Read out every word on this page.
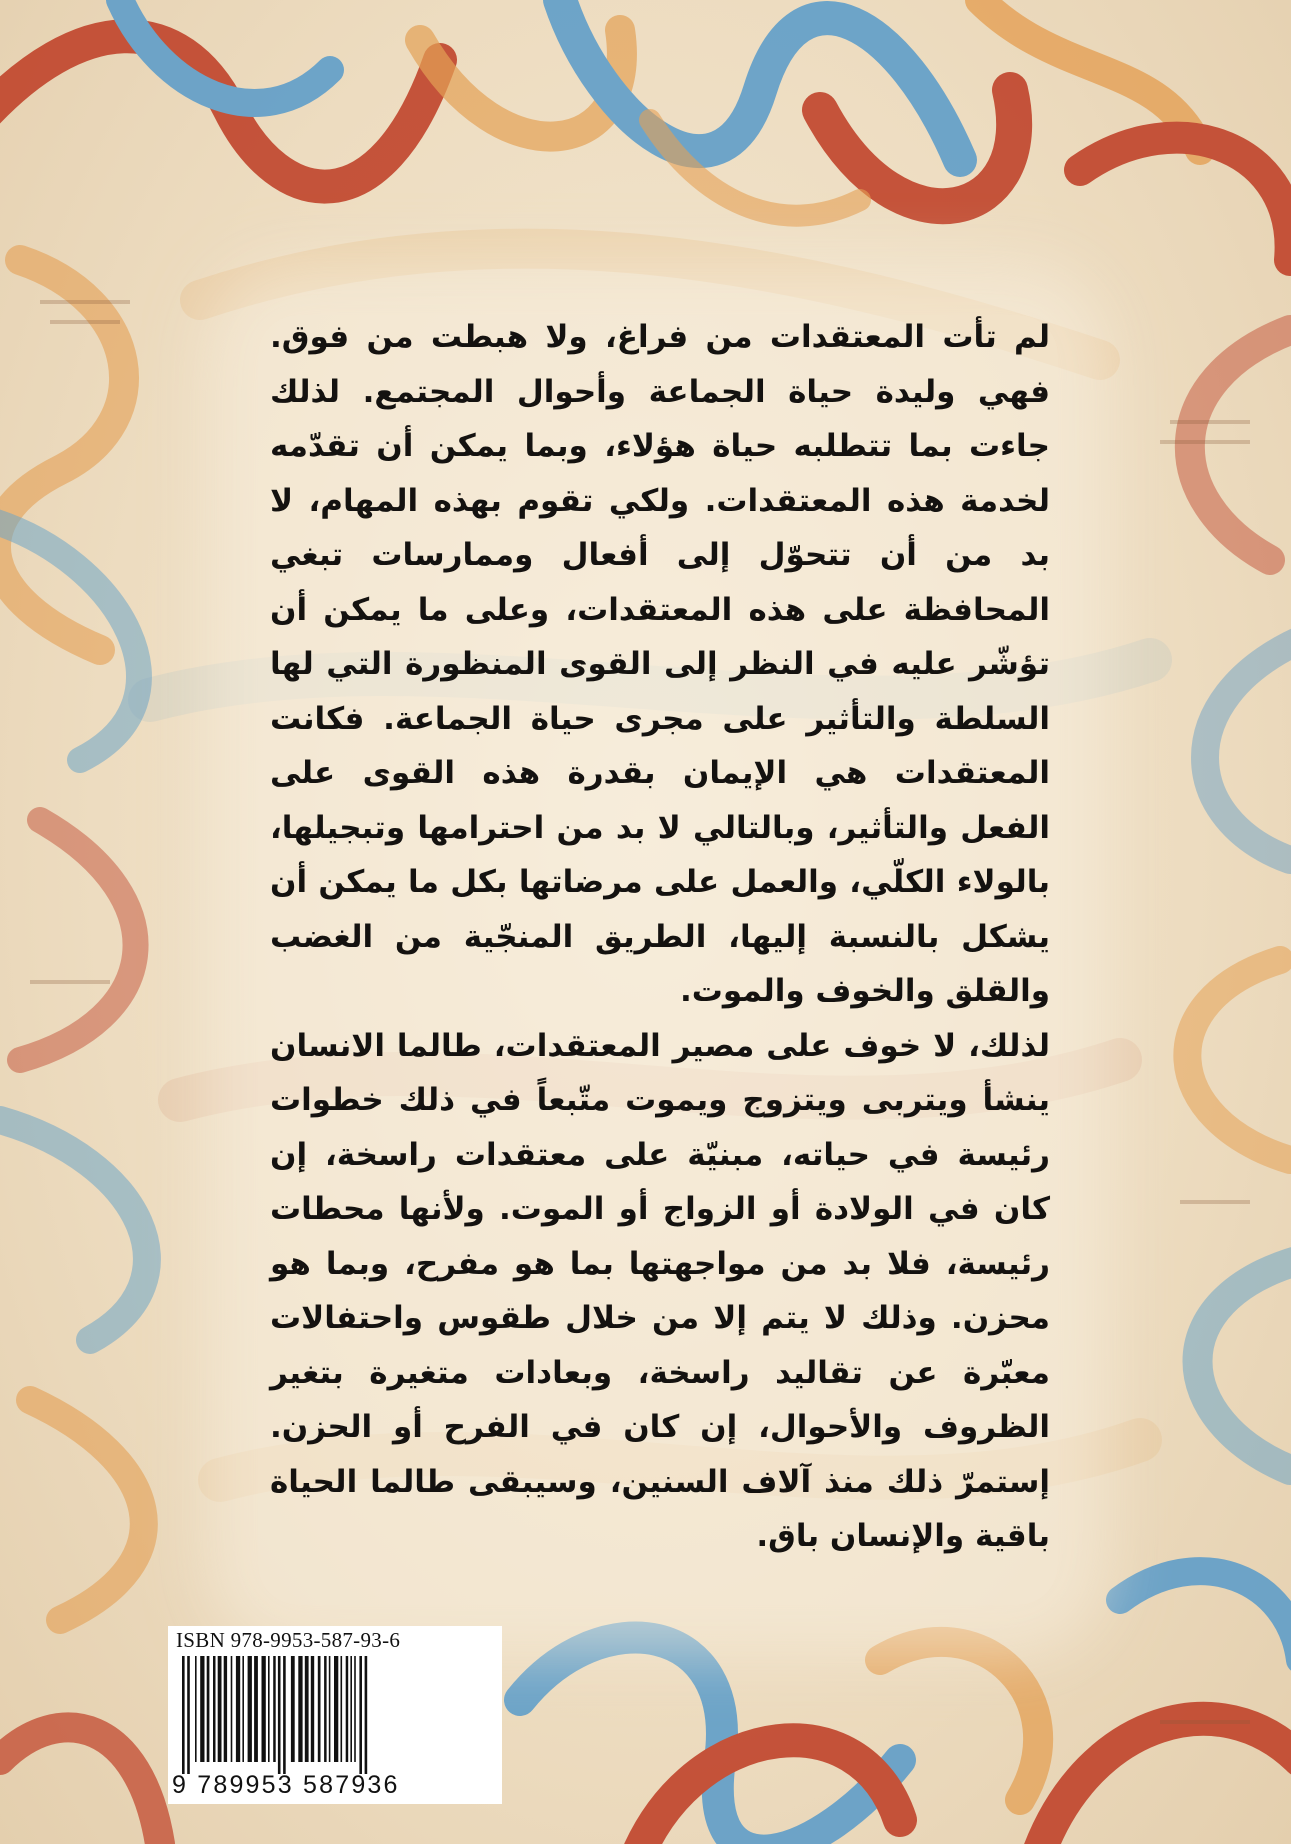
لم تأت المعتقدات من فراغ، ولا هبطت من فوق. فهي وليدة حياة الجماعة وأحوال المجتمع. لذلك جاءت بما تتطلبه حياة هؤلاء، وبما يمكن أن تقدّمه لخدمة هذه المعتقدات. ولكي تقوم بهذه المهام، لا بد من أن تتحوّل إلى أفعال وممارسات تبغي المحافظة على هذه المعتقدات، وعلى ما يمكن أن تؤشّر عليه في النظر إلى القوى المنظورة التي لها السلطة والتأثير على مجرى حياة الجماعة. فكانت المعتقدات هي الإيمان بقدرة هذه القوى على الفعل والتأثير، وبالتالي لا بد من احترامها وتبجيلها، بالولاء الكلّي، والعمل على مرضاتها بكل ما يمكن أن يشكل بالنسبة إليها، الطريق المنجّية من الغضب والقلق والخوف والموت.

لذلك، لا خوف على مصير المعتقدات، طالما الانسان ينشأ ويتربى ويتزوج ويموت متّبعاً في ذلك خطوات رئيسة في حياته، مبنيّة على معتقدات راسخة، إن كان في الولادة أو الزواج أو الموت. ولأنها محطات رئيسة، فلا بد من مواجهتها بما هو مفرح، وبما هو محزن. وذلك لا يتم إلا من خلال طقوس واحتفالات معبّرة عن تقاليد راسخة، وبعادات متغيرة بتغير الظروف والأحوال، إن كان في الفرح أو الحزن. إستمرّ ذلك منذ آلاف السنين، وسيبقى طالما الحياة باقية والإنسان باق.

ISBN 978-9953-587-93-6
9 789953 587936
